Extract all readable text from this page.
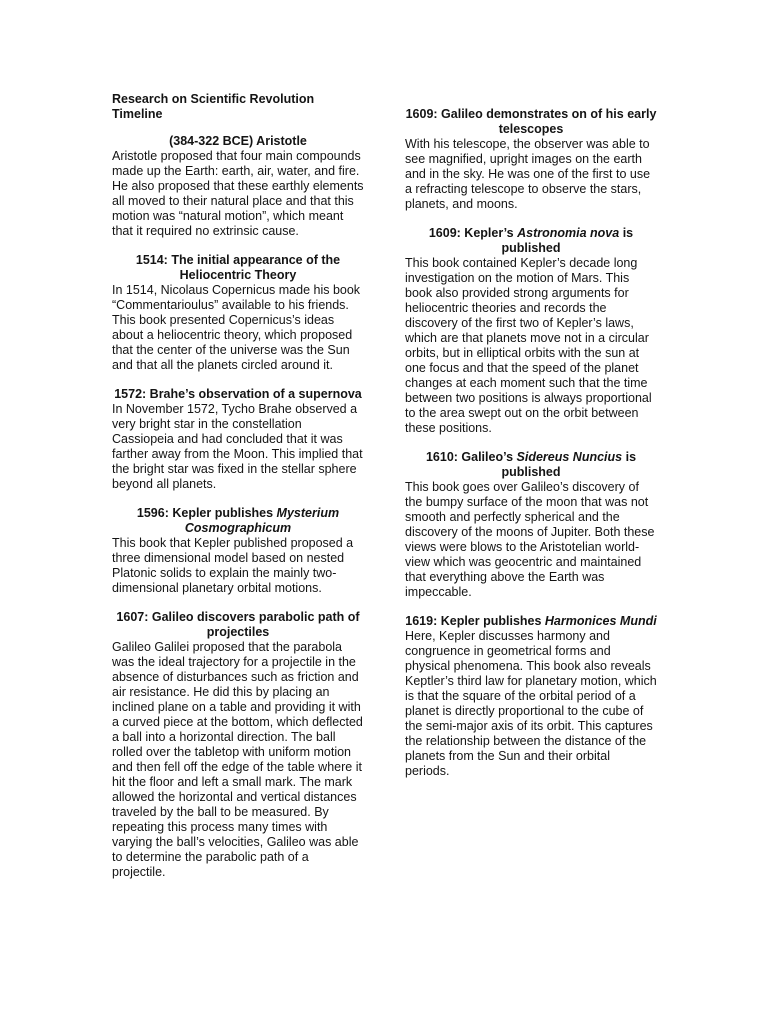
Research on Scientific Revolution Timeline

(384-322 BCE) Aristotle

Aristotle proposed that four main compounds made up the Earth: earth, air, water, and fire. He also proposed that these earthly elements all moved to their natural place and that this motion was “natural motion”, which meant that it required no extrinsic cause.

1514: The initial appearance of the Heliocentric Theory

In 1514, Nicolaus Copernicus made his book “Commentarioulus” available to his friends. This book presented Copernicus’s ideas about a heliocentric theory, which proposed that the center of the universe was the Sun and that all the planets circled around it.

1572: Brahe’s observation of a supernova

In November 1572, Tycho Brahe observed a very bright star in the constellation Cassiopeia and had concluded that it was farther away from the Moon. This implied that the bright star was fixed in the stellar sphere beyond all planets.

1596: Kepler publishes Mysterium Cosmographicum

This book that Kepler published proposed a three dimensional model based on nested Platonic solids to explain the mainly two-dimensional planetary orbital motions.

1607: Galileo discovers parabolic path of projectiles

Galileo Galilei proposed that the parabola was the ideal trajectory for a projectile in the absence of disturbances such as friction and air resistance. He did this by placing an inclined plane on a table and providing it with a curved piece at the bottom, which deflected a ball into a horizontal direction. The ball rolled over the tabletop with uniform motion and then fell off the edge of the table where it hit the floor and left a small mark. The mark allowed the horizontal and vertical distances traveled by the ball to be measured. By repeating this process many times with varying the ball’s velocities, Galileo was able to determine the parabolic path of a projectile.

1609: Galileo demonstrates on of his early telescopes

With his telescope, the observer was able to see magnified, upright images on the earth and in the sky. He was one of the first to use a refracting telescope to observe the stars, planets, and moons.

1609: Kepler’s Astronomia nova is published

This book contained Kepler’s decade long investigation on the motion of Mars. This book also provided strong arguments for heliocentric theories and records the discovery of the first two of Kepler’s laws, which are that planets move not in a circular orbits, but in elliptical orbits with the sun at one focus and that the speed of the planet changes at each moment such that the time between two positions is always proportional to the area swept out on the orbit between these positions.

1610: Galileo’s Sidereus Nuncius is published

This book goes over Galileo’s discovery of the bumpy surface of the moon that was not smooth and perfectly spherical and the discovery of the moons of Jupiter. Both these views were blows to the Aristotelian world-view which was geocentric and maintained that everything above the Earth was impeccable.

1619: Kepler publishes Harmonices Mundi

Here, Kepler discusses harmony and congruence in geometrical forms and physical phenomena. This book also reveals Keptler’s third law for planetary motion, which is that the square of the orbital period of a planet is directly proportional to the cube of the semi-major axis of its orbit. This captures the relationship between the distance of the planets from the Sun and their orbital periods.
